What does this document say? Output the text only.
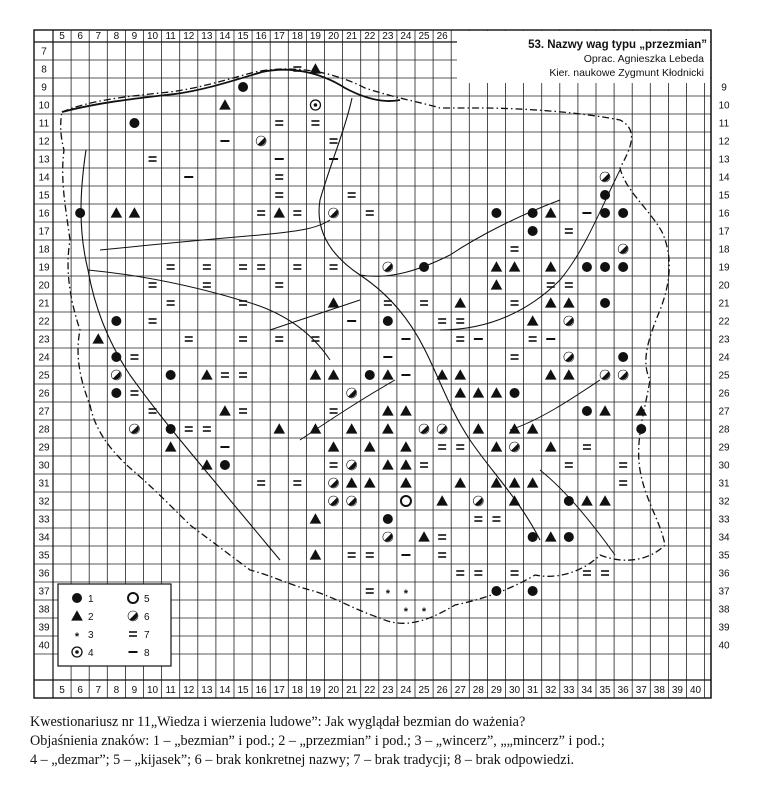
53. Nazwy wag typu „przezmian”
Oprac. Agnieszka Lebeda
Kier. naukowe Zygmunt Kłodnicki
* *
* *
5 6 7 8 9 10 11 12 13 14 15 16 17 18 19 20 21 22 23 24 25 26
5 6 7 8 9 10 11 12 13 14 15 16 17 18 19 20 21 22 23 24 25 26 27 28 29 30 31 32 33 34 35 36 37 38 39 40
7
8
9
10
11
12
13
14
15
16
17
18
19
20
21
22
23
24
25
26
27
28
29
30
31
32
33
34
35
36
37
38
39
40
9
10
11
12
13
14
15
16
17
18
19
20
21
22
23
24
25
26
27
28
29
30
31
32
33
34
35
36
37
38
39
40
1
2
* 3
4
5
6
7
8
Kwestionariusz nr 11„Wiedza i wierzenia ludowe”: Jak wyglądał bezmian do ważenia?
Objaśnienia znaków: 1 – „bezmian” i pod.; 2 – „przezmian” i pod.; 3 – „wincerz”, „„mincerz” i pod.;
4 – „dezmar”; 5 – „kijasek”; 6 – brak konkretnej nazwy; 7 – brak tradycji; 8 – brak odpowiedzi.
